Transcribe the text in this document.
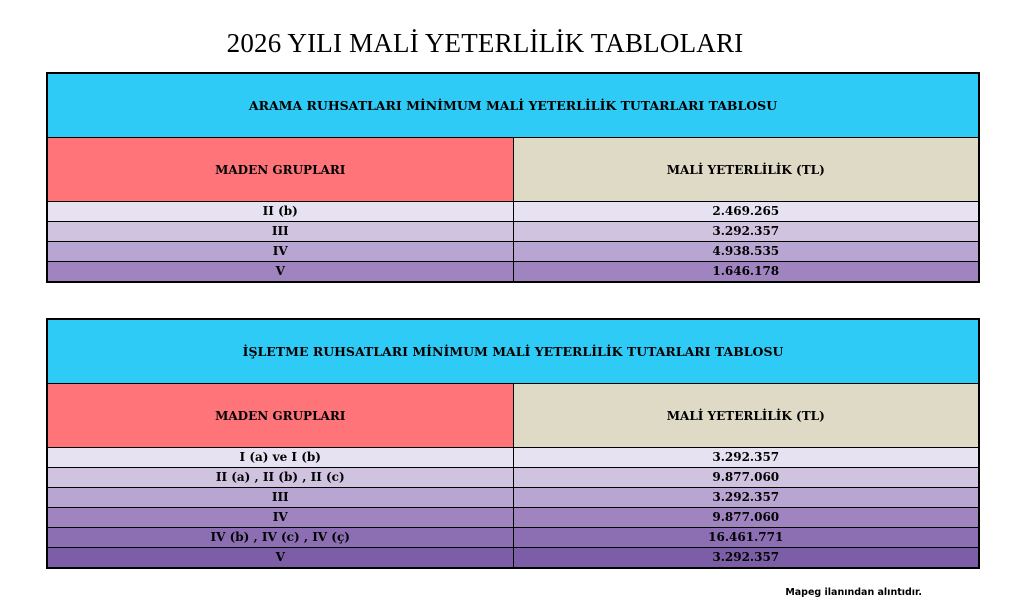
2026 YILI MALİ YETERLİLİK TABLOLARI
ARAMA RUHSATLARI MİNİMUM MALİ YETERLİLİK TUTARLARI TABLOSU	
MADEN GRUPLARI	MALİ YETERLİLİK (TL)
II (b)	2.469.265
III	3.292.357
IV	4.938.535
V	1.646.178
İŞLETME RUHSATLARI MİNİMUM MALİ YETERLİLİK TUTARLARI TABLOSU	
MADEN GRUPLARI	MALİ YETERLİLİK (TL)
I (a) ve I (b)	3.292.357
II (a) , II (b) , II (c)	9.877.060
III	3.292.357
IV	9.877.060
IV (b) , IV (c) , IV (ç)	16.461.771
V	3.292.357
Mapeg ilanından alıntıdır.
